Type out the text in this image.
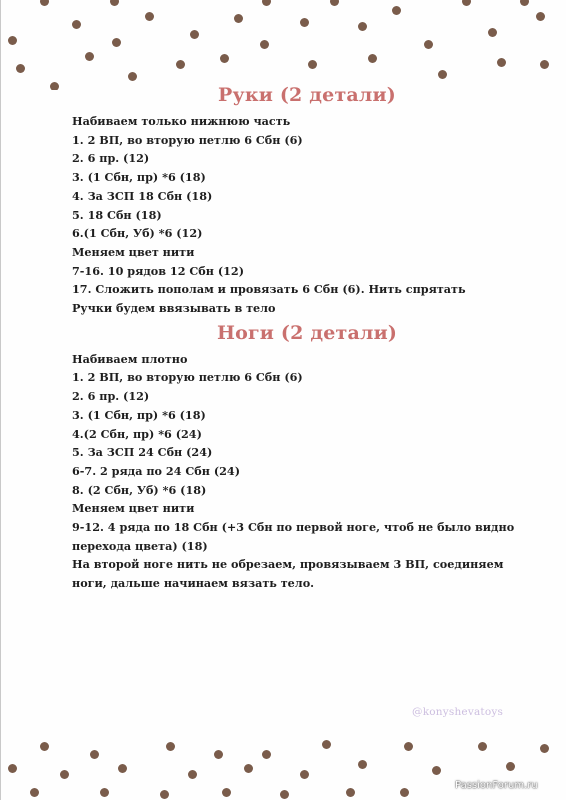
Руки (2 детали)
Набиваем только нижнюю часть
1. 2 ВП, во вторую петлю 6 Сбн (6)
2. 6 пр. (12)
3. (1 Сбн, пр) *6 (18)
4. За ЗСП 18 Сбн (18)
5. 18 Сбн (18)
6.(1 Сбн, Уб) *6 (12)
Меняем цвет нити
7-16. 10 рядов 12 Сбн (12)
17. Сложить пополам и провязать 6 Сбн (6). Нить спрятать
Ручки будем ввязывать в тело
Ноги (2 детали)
Набиваем плотно
1. 2 ВП, во вторую петлю 6 Сбн (6)
2. 6 пр. (12)
3. (1 Сбн, пр) *6 (18)
4.(2 Сбн, пр) *6 (24)
5. За ЗСП 24 Сбн (24)
6-7. 2 ряда по 24 Сбн (24)
8. (2 Сбн, Уб) *6 (18)
Меняем цвет нити
9-12. 4 ряда по 18 Сбн (+3 Сбн по первой ноге, чтоб не было видно перехода цвета) (18)
На второй ноге нить не обрезаем, провязываем 3 ВП, соединяем ноги, дальше начинаем вязать тело.
@konyshevatoys
PassionForum.ru
